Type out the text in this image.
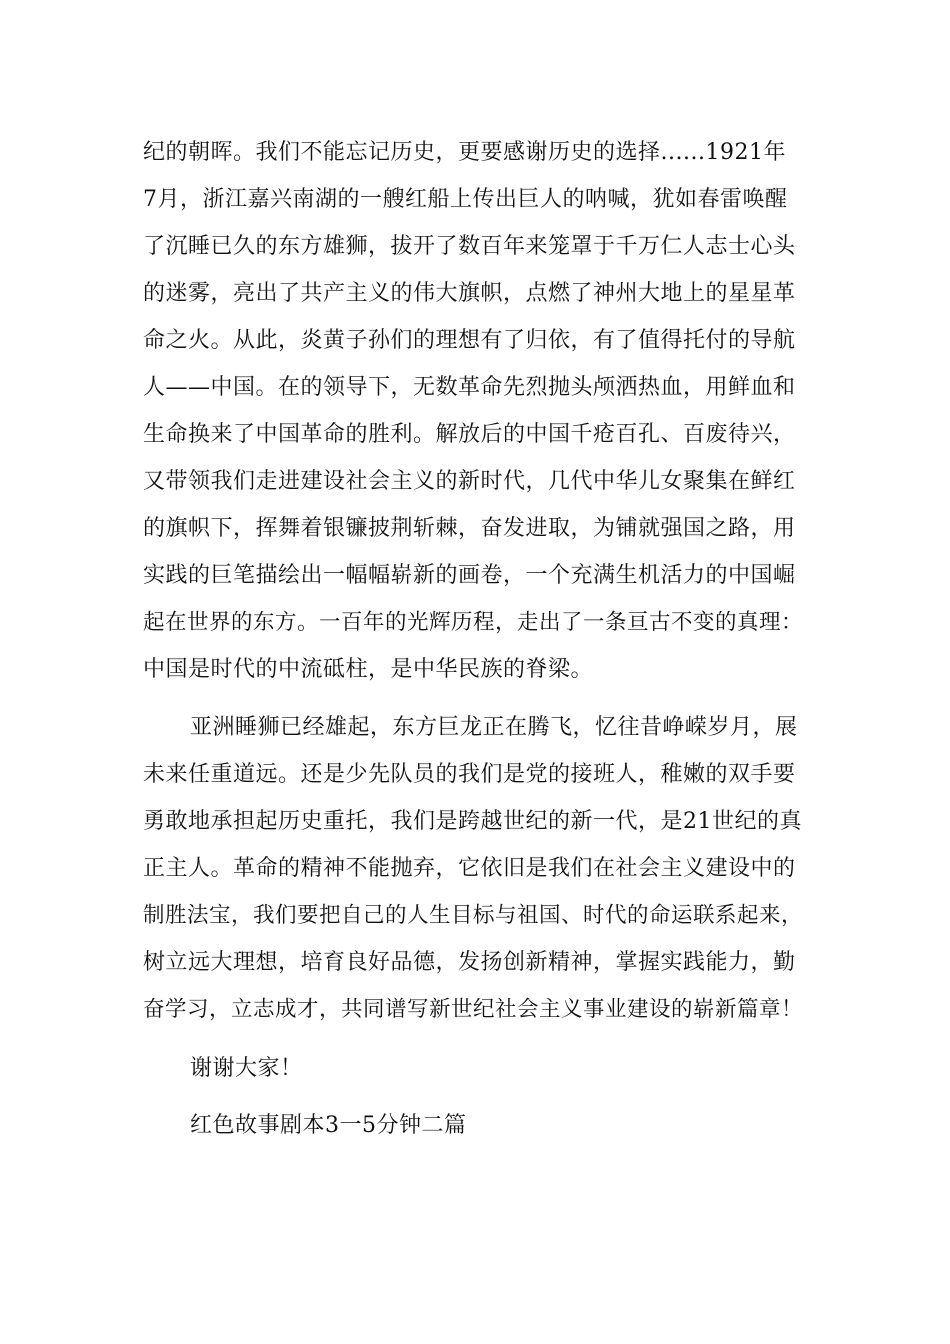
纪的朝晖。我们不能忘记历史，更要感谢历史的选择......1921年
7月，浙江嘉兴南湖的一艘红船上传出巨人的呐喊，犹如春雷唤醒
了沉睡已久的东方雄狮，拔开了数百年来笼罩于千万仁人志士心头
的迷雾，亮出了共产主义的伟大旗帜，点燃了神州大地上的星星革
命之火。从此，炎黄子孙们的理想有了归依，有了值得托付的导航
人——中国。在的领导下，无数革命先烈抛头颅洒热血，用鲜血和
生命换来了中国革命的胜利。解放后的中国千疮百孔、百废待兴，
又带领我们走进建设社会主义的新时代，几代中华儿女聚集在鲜红
的旗帜下，挥舞着银镰披荆斩棘，奋发进取，为铺就强国之路，用
实践的巨笔描绘出一幅幅崭新的画卷，一个充满生机活力的中国崛
起在世界的东方。一百年的光辉历程，走出了一条亘古不变的真理：
中国是时代的中流砥柱，是中华民族的脊梁。
亚洲睡狮已经雄起，东方巨龙正在腾飞，忆往昔峥嵘岁月，展
未来任重道远。还是少先队员的我们是党的接班人，稚嫩的双手要
勇敢地承担起历史重托，我们是跨越世纪的新一代，是21世纪的真
正主人。革命的精神不能抛弃，它依旧是我们在社会主义建设中的
制胜法宝，我们要把自己的人生目标与祖国、时代的命运联系起来，
树立远大理想，培育良好品德，发扬创新精神，掌握实践能力，勤
奋学习，立志成才，共同谱写新世纪社会主义事业建设的崭新篇章！
谢谢大家！
红色故事剧本3一5分钟二篇
